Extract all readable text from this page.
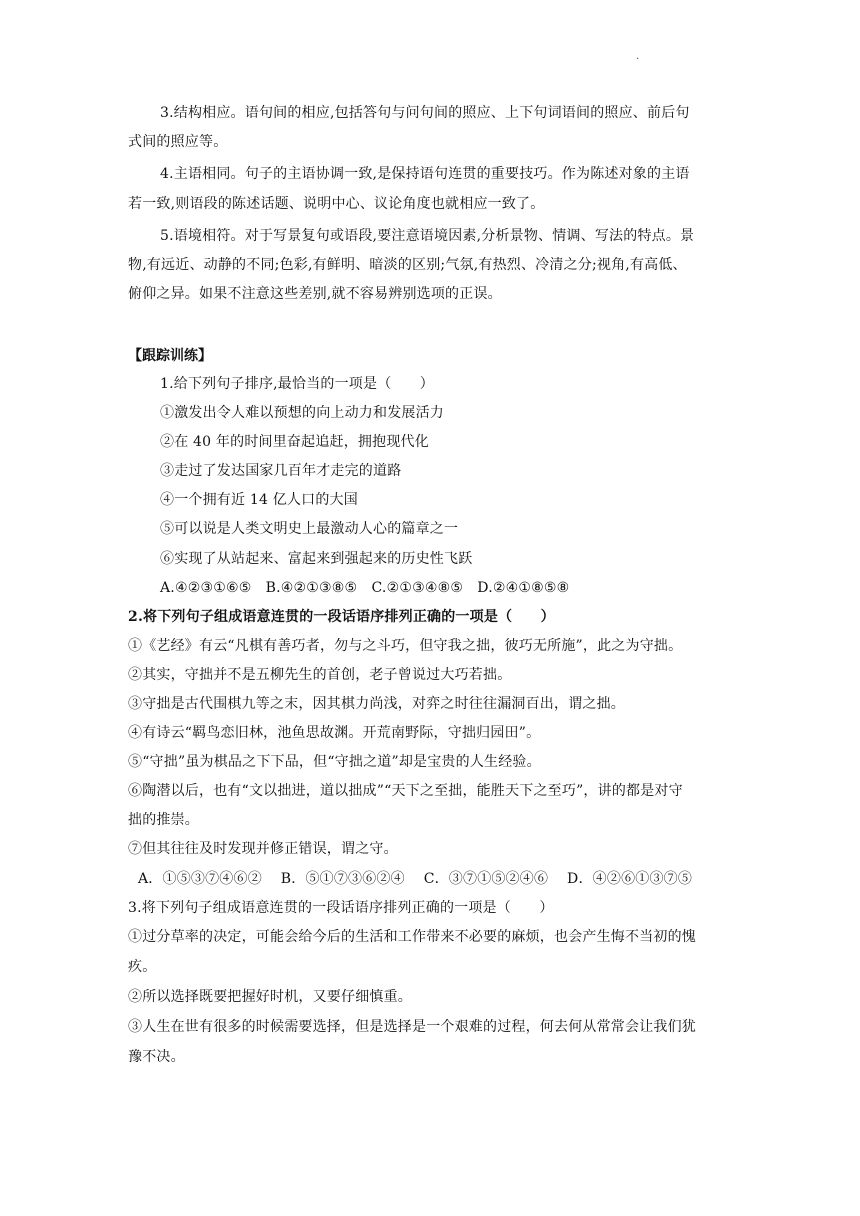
·
3.结构相应。语句间的相应,包括答句与问句间的照应、上下句词语间的照应、前后句
式间的照应等。
4.主语相同。句子的主语协调一致,是保持语句连贯的重要技巧。作为陈述对象的主语
若一致,则语段的陈述话题、说明中心、议论角度也就相应一致了。
5.语境相符。对于写景复句或语段,要注意语境因素,分析景物、情调、写法的特点。景
物,有远近、动静的不同;色彩,有鲜明、暗淡的区别;气氛,有热烈、冷清之分;视角,有高低、
俯仰之异。如果不注意这些差别,就不容易辨别选项的正误。
【跟踪训练】
1.给下列句子排序,最恰当的一项是（　　）
①激发出令人难以预想的向上动力和发展活力
②在 40 年的时间里奋起追赶，拥抱现代化
③走过了发达国家几百年才走完的道路
④一个拥有近 14 亿人口的大国
⑤可以说是人类文明史上最激动人心的篇章之一
⑥实现了从站起来、富起来到强起来的历史性飞跃
A.④②③①⑥⑤　B.④②①③⑧⑤　C.②①③④⑧⑤　D.②④①⑧⑤⑧
2.将下列句子组成语意连贯的一段话语序排列正确的一项是（　　）
①《艺经》有云“凡棋有善巧者，勿与之斗巧，但守我之拙，彼巧无所施”，此之为守拙。
②其实，守拙并不是五柳先生的首创，老子曾说过大巧若拙。
③守拙是古代围棋九等之末，因其棋力尚浅，对弈之时往往漏洞百出，谓之拙。
④有诗云“羁鸟恋旧林，池鱼思故渊。开荒南野际，守拙归园田”。
⑤“守拙”虽为棋品之下下品，但“守拙之道”却是宝贵的人生经验。
⑥陶潜以后，也有“文以拙进，道以拙成”“天下之至拙，能胜天下之至巧”，讲的都是对守
拙的推崇。
⑦但其往往及时发现并修正错误，谓之守。
A．①⑤③⑦④⑥②　 B．⑤①⑦③⑥②④　 C．③⑦①⑤②④⑥　 D．④②⑥①③⑦⑤
3.将下列句子组成语意连贯的一段话语序排列正确的一项是（　　）
①过分草率的决定，可能会给今后的生活和工作带来不必要的麻烦，也会产生悔不当初的愧
疚。
②所以选择既要把握好时机，又要仔细慎重。
③人生在世有很多的时候需要选择，但是选择是一个艰难的过程，何去何从常常会让我们犹
豫不决。
